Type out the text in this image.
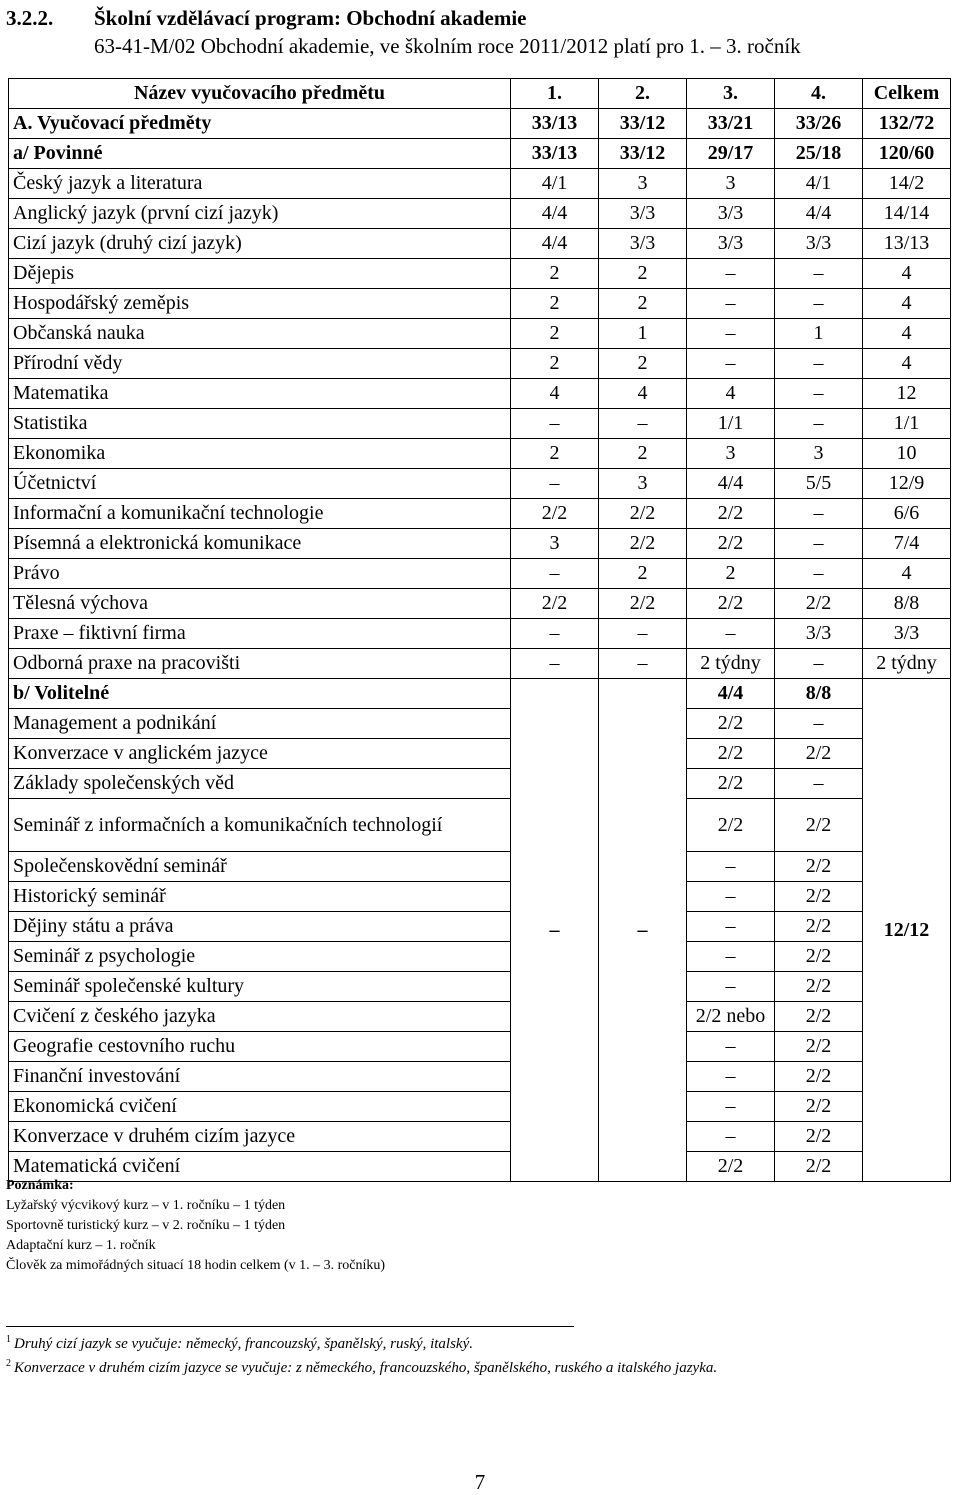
3.2.2. Školní vzdělávací program: Obchodní akademie
63-41-M/02 Obchodní akademie, ve školním roce 2011/2012 platí pro 1. – 3. ročník
Název vyučovacího předmětu	1.	2.	3.	4.	Celkem
A. Vyučovací předměty	33/13	33/12	33/21	33/26	132/72
a/ Povinné	33/13	33/12	29/17	25/18	120/60
Český jazyk a literatura	4/1	3	3	4/1	14/2
Anglický jazyk (první cizí jazyk)	4/4	3/3	3/3	4/4	14/14
Cizí jazyk (druhý cizí jazyk)	4/4	3/3	3/3	3/3	13/13
Dějepis	2	2	–	–	4
Hospodářský zeměpis	2	2	–	–	4
Občanská nauka	2	1	–	1	4
Přírodní vědy	2	2	–	–	4
Matematika	4	4	4	–	12
Statistika	–	–	1/1	–	1/1
Ekonomika	2	2	3	3	10
Účetnictví	–	3	4/4	5/5	12/9
Informační a komunikační technologie	2/2	2/2	2/2	–	6/6
Písemná a elektronická komunikace	3	2/2	2/2	–	7/4
Právo	–	2	2	–	4
Tělesná výchova	2/2	2/2	2/2	2/2	8/8
Praxe – fiktivní firma	–	–	–	3/3	3/3
Odborná praxe na pracovišti	–	–	2 týdny	–	2 týdny
b/ Volitelné	–	–	4/4	8/8	12/12
Management a podnikání			2/2	–	
Konverzace v anglickém jazyce			2/2	2/2	
Základy společenských věd			2/2	–	
Seminář z informačních a komunikačních technologií			2/2	2/2	
Společenskovědní seminář			–	2/2	
Historický seminář			–	2/2	
Dějiny státu a práva			–	2/2	
Seminář z psychologie			–	2/2	
Seminář společenské kultury			–	2/2	
Cvičení z českého jazyka			2/2 nebo	2/2	
Geografie cestovního ruchu			–	2/2	
Finanční investování			–	2/2	
Ekonomická cvičení			–	2/2	
Konverzace v druhém cizím jazyce			–	2/2	
Matematická cvičení			2/2	2/2	
Poznámka:
Lyžařský výcvikový kurz – v 1. ročníku – 1 týden
Sportovně turistický kurz – v 2. ročníku – 1 týden
Adaptační kurz – 1. ročník
Člověk za mimořádných situací 18 hodin celkem (v 1. – 3. ročníku)
$^1$ Druhý cizí jazyk se vyučuje: německý, francouzský, španělský, ruský, italský.
$^2$ Konverzace v druhém cizím jazyce se vyučuje: z německého, francouzského, španělského, ruského a italského jazyka.
7
